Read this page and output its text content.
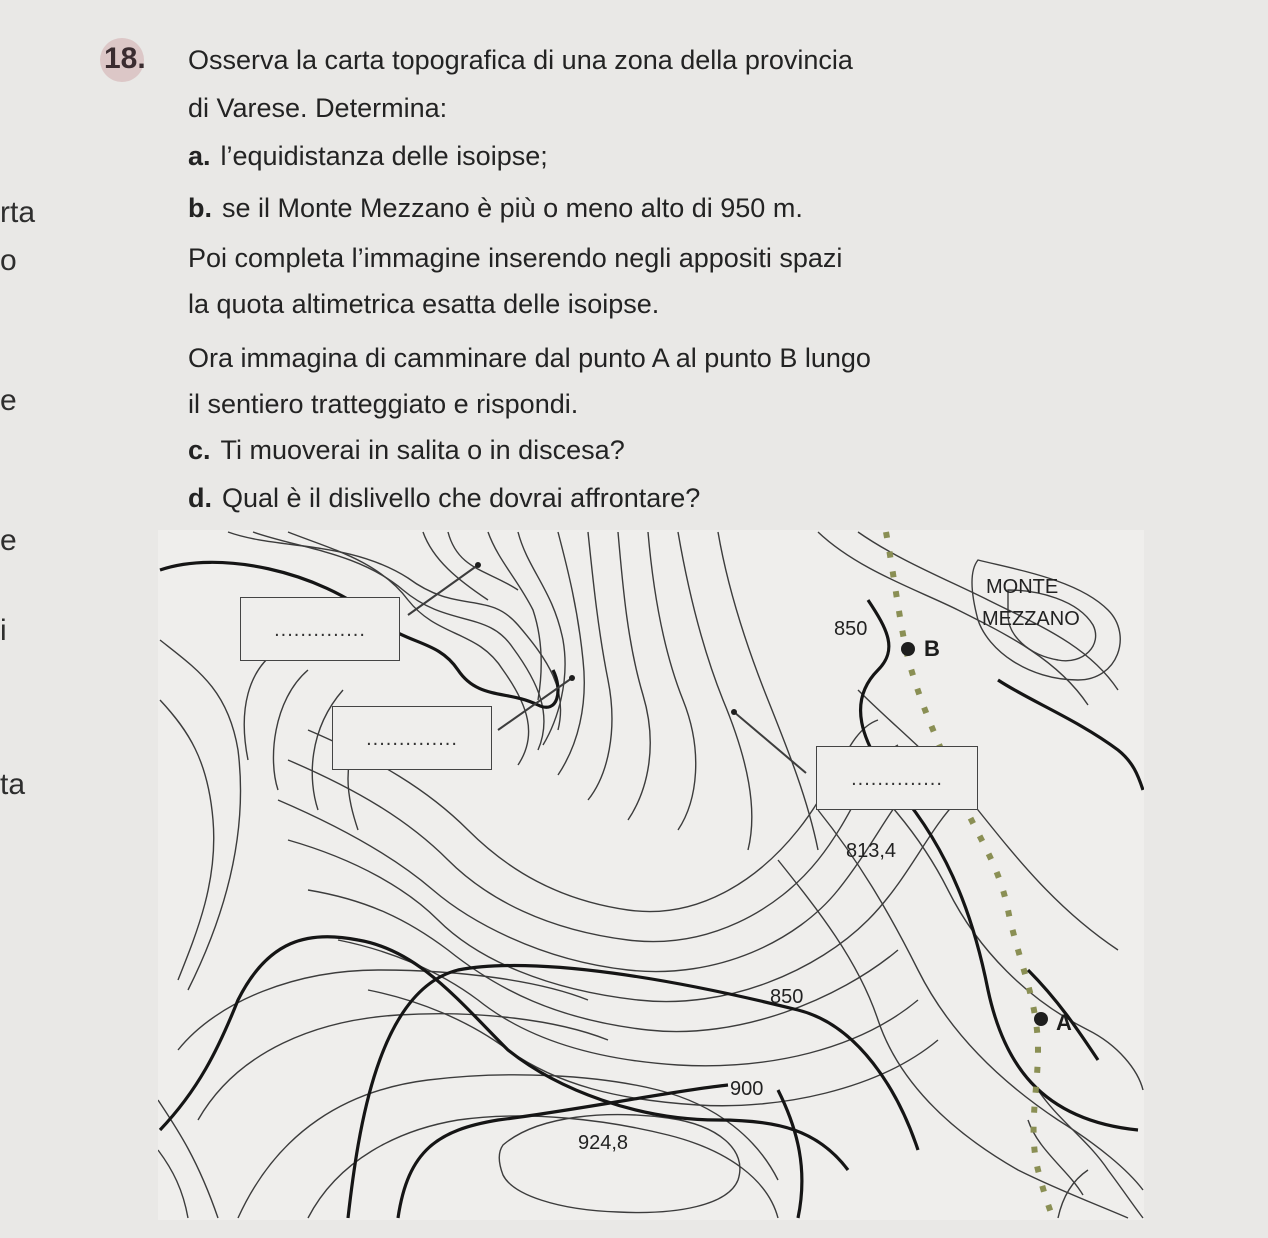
rta
o
e
e
i
ta
18. Osserva la carta topografica di una zona della provincia
di Varese. Determina:
a. l’equidistanza delle isoipse;
b. se il Monte Mezzano è più o meno alto di 950 m.
Poi completa l’immagine inserendo negli appositi spazi
la quota altimetrica esatta delle isoipse.
Ora immagina di camminare dal punto A al punto B lungo
il sentiero tratteggiato e rispondi.
c. Ti muoverai in salita o in discesa?
d. Qual è il dislivello che dovrai affrontare?
..............
..............
..............
MONTE
MEZZANO
850
813,4
850
900
924,8
B
A
